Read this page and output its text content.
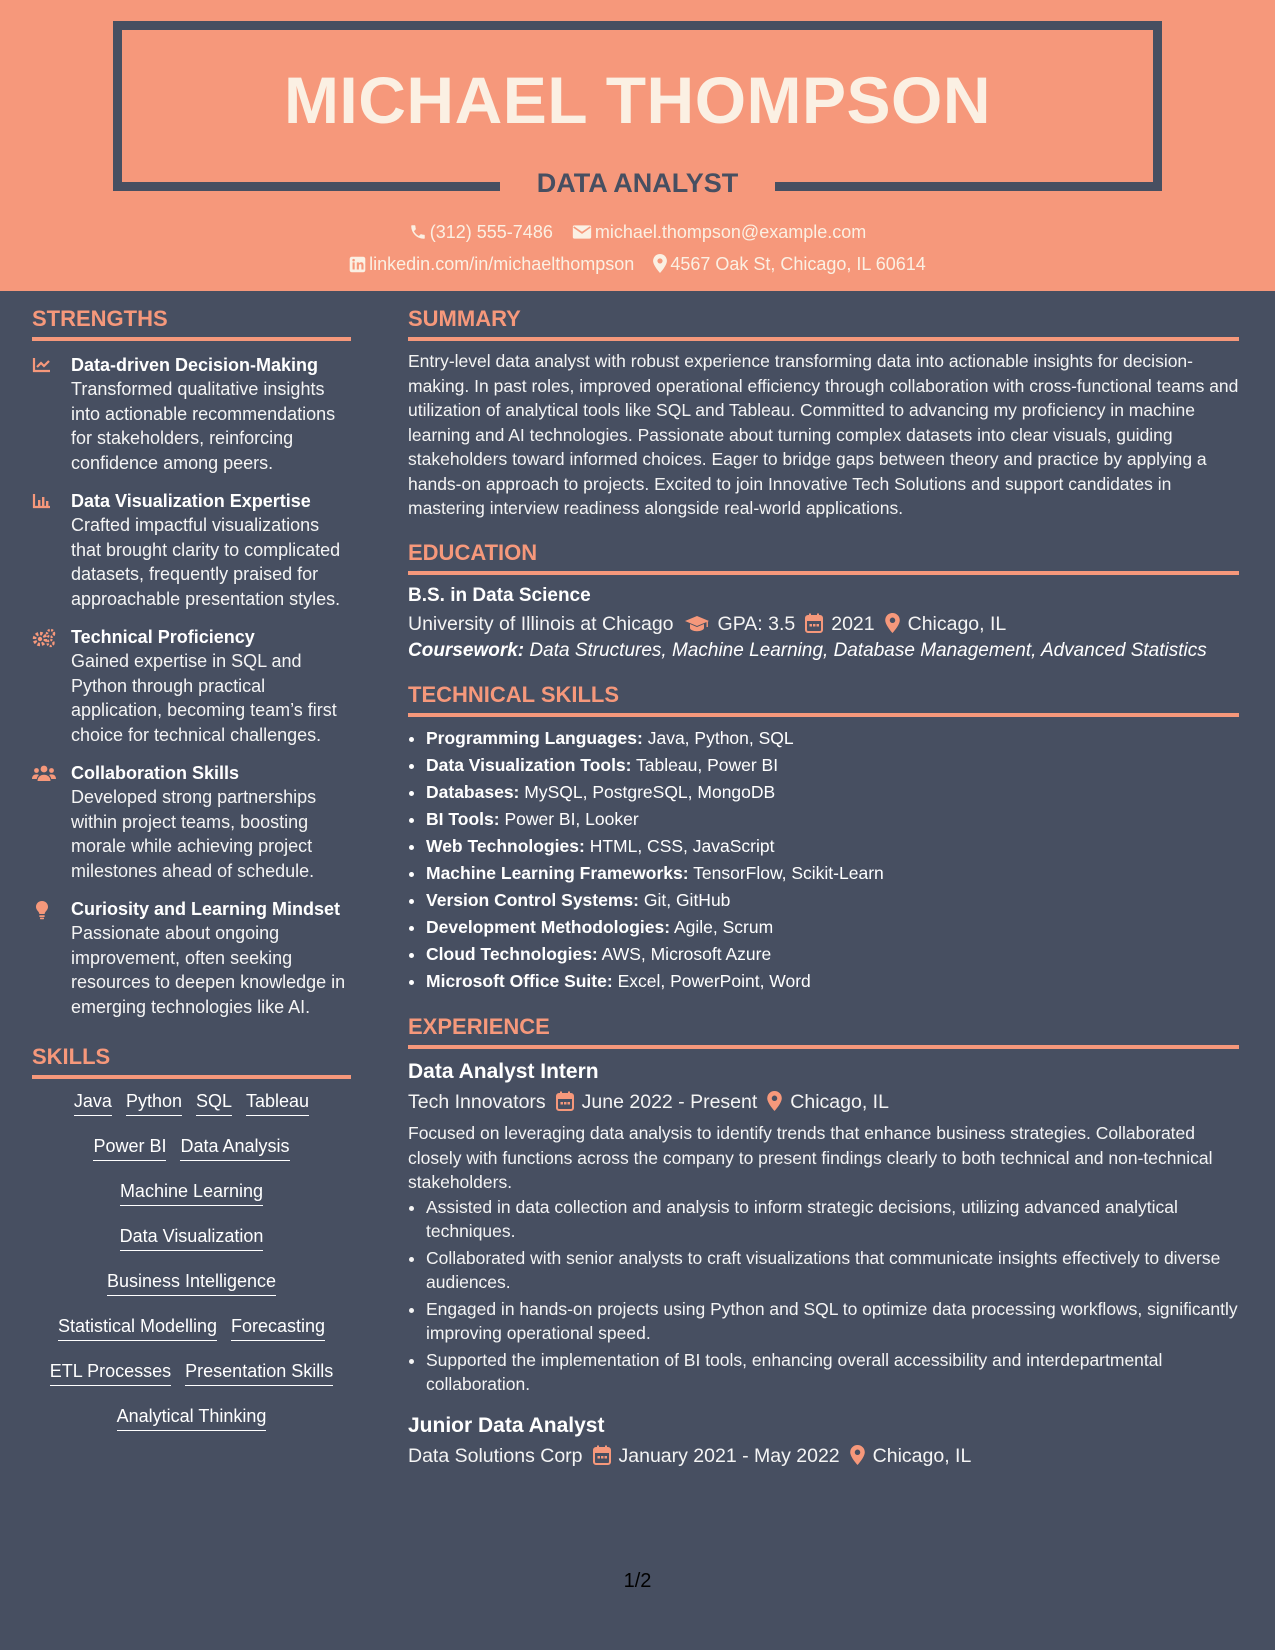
MICHAEL THOMPSON
DATA ANALYST
(312) 555-7486 michael.thompson@example.com
linkedin.com/in/michaelthompson 4567 Oak St, Chicago, IL 60614
STRENGTHS
Data-driven Decision-Making
Transformed qualitative insights into actionable recommendations for stakeholders, reinforcing confidence among peers.
Data Visualization Expertise
Crafted impactful visualizations that brought clarity to complicated datasets, frequently praised for approachable presentation styles.
Technical Proficiency
Gained expertise in SQL and Python through practical application, becoming team’s first choice for technical challenges.
Collaboration Skills
Developed strong partnerships within project teams, boosting morale while achieving project milestones ahead of schedule.
Curiosity and Learning Mindset
Passionate about ongoing improvement, often seeking resources to deepen knowledge in emerging technologies like AI.
SKILLS
Java Python SQL Tableau
Power BI Data Analysis
Machine Learning
Data Visualization
Business Intelligence
Statistical Modelling Forecasting
ETL Processes Presentation Skills
Analytical Thinking
SUMMARY
Entry-level data analyst with robust experience transforming data into actionable insights for decision-making. In past roles, improved operational efficiency through collaboration with cross-functional teams and utilization of analytical tools like SQL and Tableau. Committed to advancing my proficiency in machine learning and AI technologies. Passionate about turning complex datasets into clear visuals, guiding stakeholders toward informed choices. Eager to bridge gaps between theory and practice by applying a hands-on approach to projects. Excited to join Innovative Tech Solutions and support candidates in mastering interview readiness alongside real-world applications.
EDUCATION
B.S. in Data Science
University of Illinois at Chicago GPA: 3.5 2021 Chicago, IL
Coursework: Data Structures, Machine Learning, Database Management, Advanced Statistics
TECHNICAL SKILLS
• Programming Languages: Java, Python, SQL
• Data Visualization Tools: Tableau, Power BI
• Databases: MySQL, PostgreSQL, MongoDB
• BI Tools: Power BI, Looker
• Web Technologies: HTML, CSS, JavaScript
• Machine Learning Frameworks: TensorFlow, Scikit-Learn
• Version Control Systems: Git, GitHub
• Development Methodologies: Agile, Scrum
• Cloud Technologies: AWS, Microsoft Azure
• Microsoft Office Suite: Excel, PowerPoint, Word
EXPERIENCE
Data Analyst Intern
Tech Innovators June 2022 - Present Chicago, IL
Focused on leveraging data analysis to identify trends that enhance business strategies. Collaborated closely with functions across the company to present findings clearly to both technical and non-technical stakeholders.
• Assisted in data collection and analysis to inform strategic decisions, utilizing advanced analytical techniques.
• Collaborated with senior analysts to craft visualizations that communicate insights effectively to diverse audiences.
• Engaged in hands-on projects using Python and SQL to optimize data processing workflows, significantly improving operational speed.
• Supported the implementation of BI tools, enhancing overall accessibility and interdepartmental collaboration.
Junior Data Analyst
Data Solutions Corp January 2021 - May 2022 Chicago, IL
1/2
